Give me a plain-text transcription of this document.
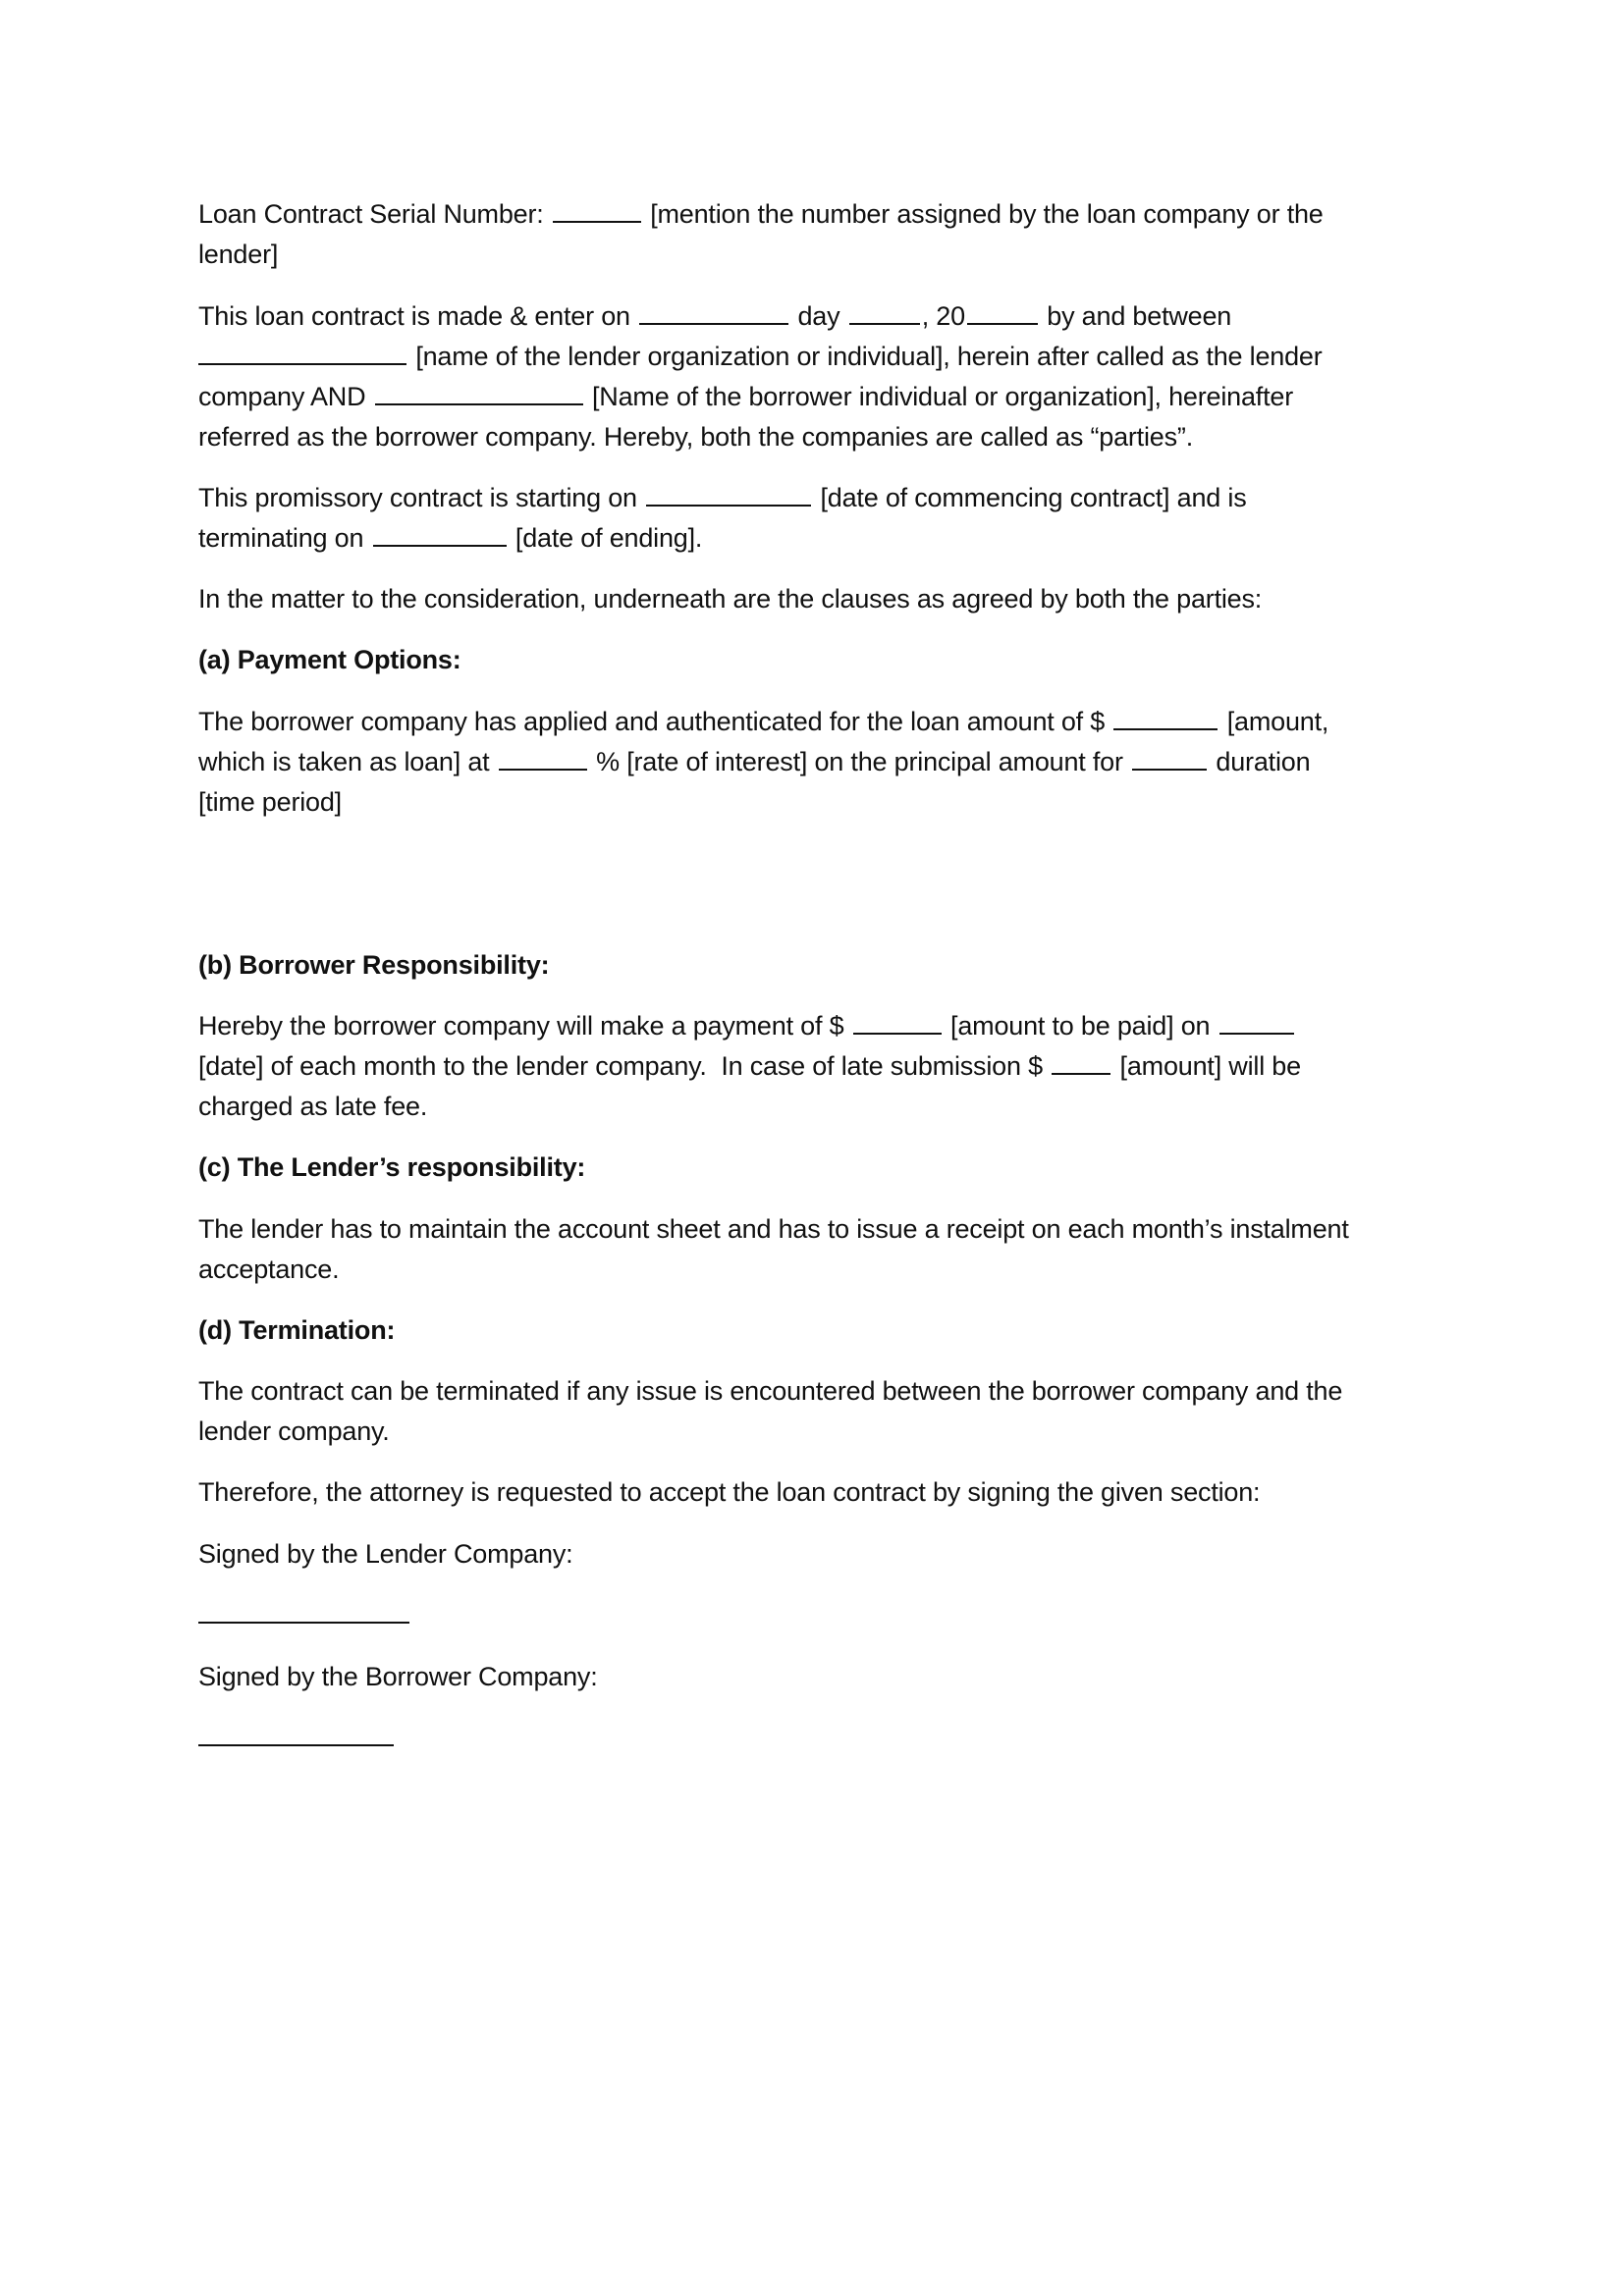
Loan Contract Serial Number:	[mention the number assigned by the loan company or the
lender]
This loan contract is made & enter on	day	, 20	by and between
[name of the lender organization or individual], herein after called as the lender
company AND	[Name of the borrower individual or organization], hereinafter
referred as the borrower company. Hereby, both the companies are called as “parties”.
This promissory contract is starting on	[date of commencing contract] and is
terminating on	[date of ending].
In the matter to the consideration, underneath are the clauses as agreed by both the parties:
(a) Payment Options:
The borrower company has applied and authenticated for the loan amount of $	[amount,
which is taken as loan] at	% [rate of interest] on the principal amount for	duration
[time period]
(b) Borrower Responsibility:
Hereby the borrower company will make a payment of $	[amount to be paid] on
[date] of each month to the lender company.  In case of late submission $	[amount] will be
charged as late fee.
(c) The Lender’s responsibility:
The lender has to maintain the account sheet and has to issue a receipt on each month’s instalment
acceptance.
(d) Termination:
The contract can be terminated if any issue is encountered between the borrower company and the
lender company.
Therefore, the attorney is requested to accept the loan contract by signing the given section:
Signed by the Lender Company:
Signed by the Borrower Company:
